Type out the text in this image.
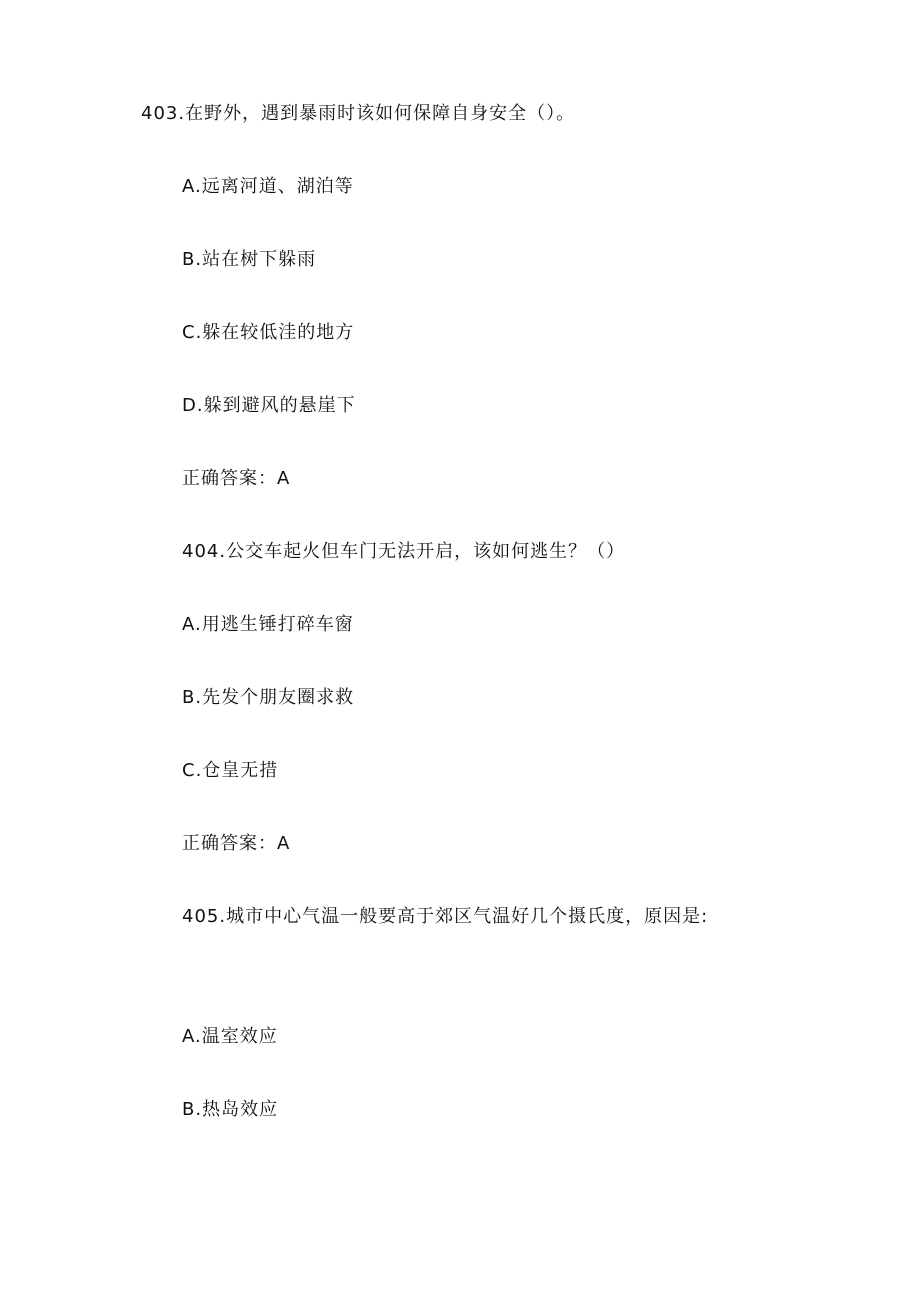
403.在野外，遇到暴雨时该如何保障自身安全（）。
A.远离河道、湖泊等
B.站在树下躲雨
C.躲在较低洼的地方
D.躲到避风的悬崖下
正确答案：A
404.公交车起火但车门无法开启，该如何逃生？（）
A.用逃生锤打碎车窗
B.先发个朋友圈求救
C.仓皇无措
正确答案：A
405.城市中心气温一般要高于郊区气温好几个摄氏度，原因是:
A.温室效应
B.热岛效应
